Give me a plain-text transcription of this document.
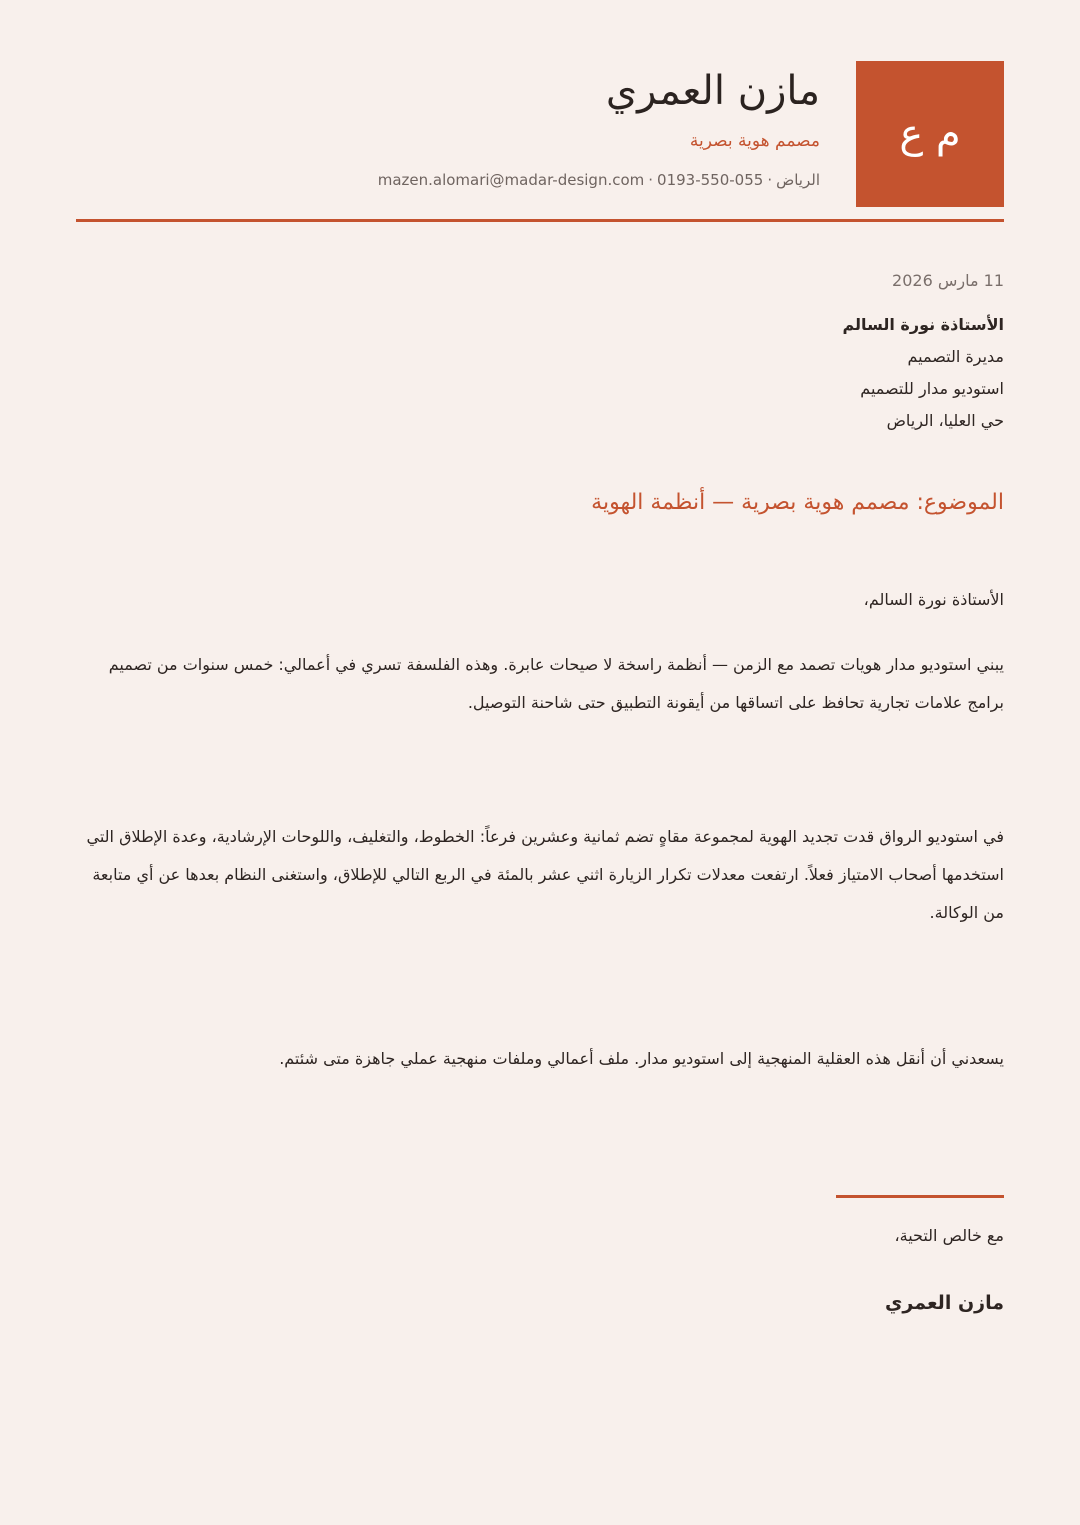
م ع
مازن العمري
مصمم هوية بصرية
الرياض·0193-550-055·mazen.alomari@madar-design.com
11 مارس 2026
الأستاذة نورة السالم
مديرة التصميم
استوديو مدار للتصميم
حي العليا، الرياض
الموضوع: مصمم هوية بصرية — أنظمة الهوية
الأستاذة نورة السالم،
يبني استوديو مدار هويات تصمد مع الزمن — أنظمة راسخة لا صيحات عابرة. وهذه الفلسفة تسري في أعمالي: خمس سنوات من تصميم برامج علامات تجارية تحافظ على اتساقها من أيقونة التطبيق حتى شاحنة التوصيل.
في استوديو الرواق قدت تجديد الهوية لمجموعة مقاهٍ تضم ثمانية وعشرين فرعاً: الخطوط، والتغليف، واللوحات الإرشادية، وعدة الإطلاق التي استخدمها أصحاب الامتياز فعلاً. ارتفعت معدلات تكرار الزيارة اثني عشر بالمئة في الربع التالي للإطلاق، واستغنى النظام بعدها عن أي متابعة من الوكالة.
يسعدني أن أنقل هذه العقلية المنهجية إلى استوديو مدار. ملف أعمالي وملفات منهجية عملي جاهزة متى شئتم.
مع خالص التحية،
مازن العمري
